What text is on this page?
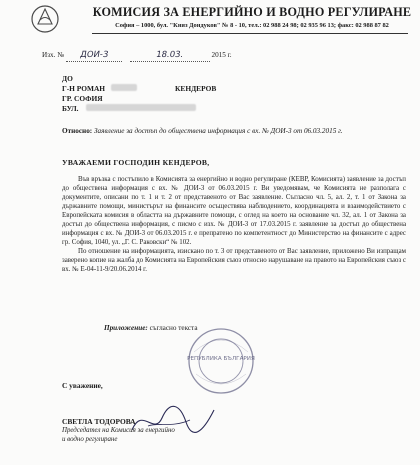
КОМИСИЯ ЗА ЕНЕРГИЙНО И ВОДНО РЕГУЛИРАНЕ
София – 1000, бул. "Княз Дондуков" № 8 - 10, тел.: 02 988 24 98; 02 935 96 13; факс: 02 988 87 82
Изх. № ДОИ-3	18.03.	2015 г.
ДО
Г-Н РОМАН	КЕНДЕРОВ
ГР. СОФИЯ
БУЛ.
Относно: Заявление за достъп до обществена информация с вх. № ДОИ-3 от 06.03.2015 г.
УВАЖАЕМИ ГОСПОДИН КЕНДЕРОВ,

Във връзка с постъпило в Комисията за енергийно и водно регулиране (КЕВР, Комисията) заявление за достъп до обществена информация с вх. № ДОИ-3 от 06.03.2015 г. Ви уведомявам, че Комисията не разполага с документите, описани по т. 1 и т. 2 от представеното от Вас заявление. Съгласно чл. 5, ал. 2, т. 1 от Закона за държавните помощи, министърът на финансите осъществява наблюдението, координацията и взаимодействието с Европейската комисия в областта на държавните помощи, с оглед на което на основание чл. 32, ал. 1 от Закона за достъп до обществена информация, с писмо с изх. № ДОИ-3 от 17.03.2015 г. заявление за достъп до обществена информация с вх. № ДОИ-3 от 06.03.2015 г. е препратено по компетентност до Министерство на финансите с адрес гр. София, 1040, ул. „Г. С. Раковски“ № 102.

По отношение на информацията, изискано по т. 3 от представеното от Вас заявление, приложено Ви изпращам заверено копие на жалба до Комисията на Европейския съюз относно нарушаване на правото на Европейския съюз с вх. № Е-04-11-9/20.06.2014 г.

Приложение: съгласно текста
РЕПУБЛИКА БЪЛГАРИЯ
С уважение,
СВЕТЛА ТОДОРОВА
Председател на Комисия за енергийно
и водно регулиране
